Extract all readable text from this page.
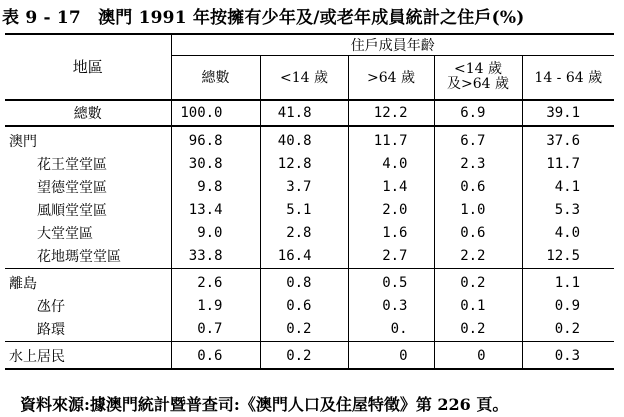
表 9 - 17　澳門 1991 年按擁有少年及/或老年成員統計之住戶(%)
地區	住戶成員年齡				
	總數	<14 歲	>64 歲	<14 歲
及>64 歲	14 - 64 歲
總數	100.0	41.8	12.2	6.9	39.1
澳門	96.8	40.8	11.7	6.7	37.6
花王堂堂區	30.8	12.8	4.0	2.3	11.7
望德堂堂區	9.8	3.7	1.4	0.6	4.1
風順堂堂區	13.4	5.1	2.0	1.0	5.3
大堂堂區	9.0	2.8	1.6	0.6	4.0
花地瑪堂堂區	33.8	16.4	2.7	2.2	12.5
離島	2.6	0.8	0.5	0.2	1.1
氹仔	1.9	0.6	0.3	0.1	0.9
路環	0.7	0.2	0.	0.2	0.2
水上居民	0.6	0.2	0	0	0.3
資料來源:據澳門統計暨普查司:《澳門人口及住屋特徵》第 226 頁。
